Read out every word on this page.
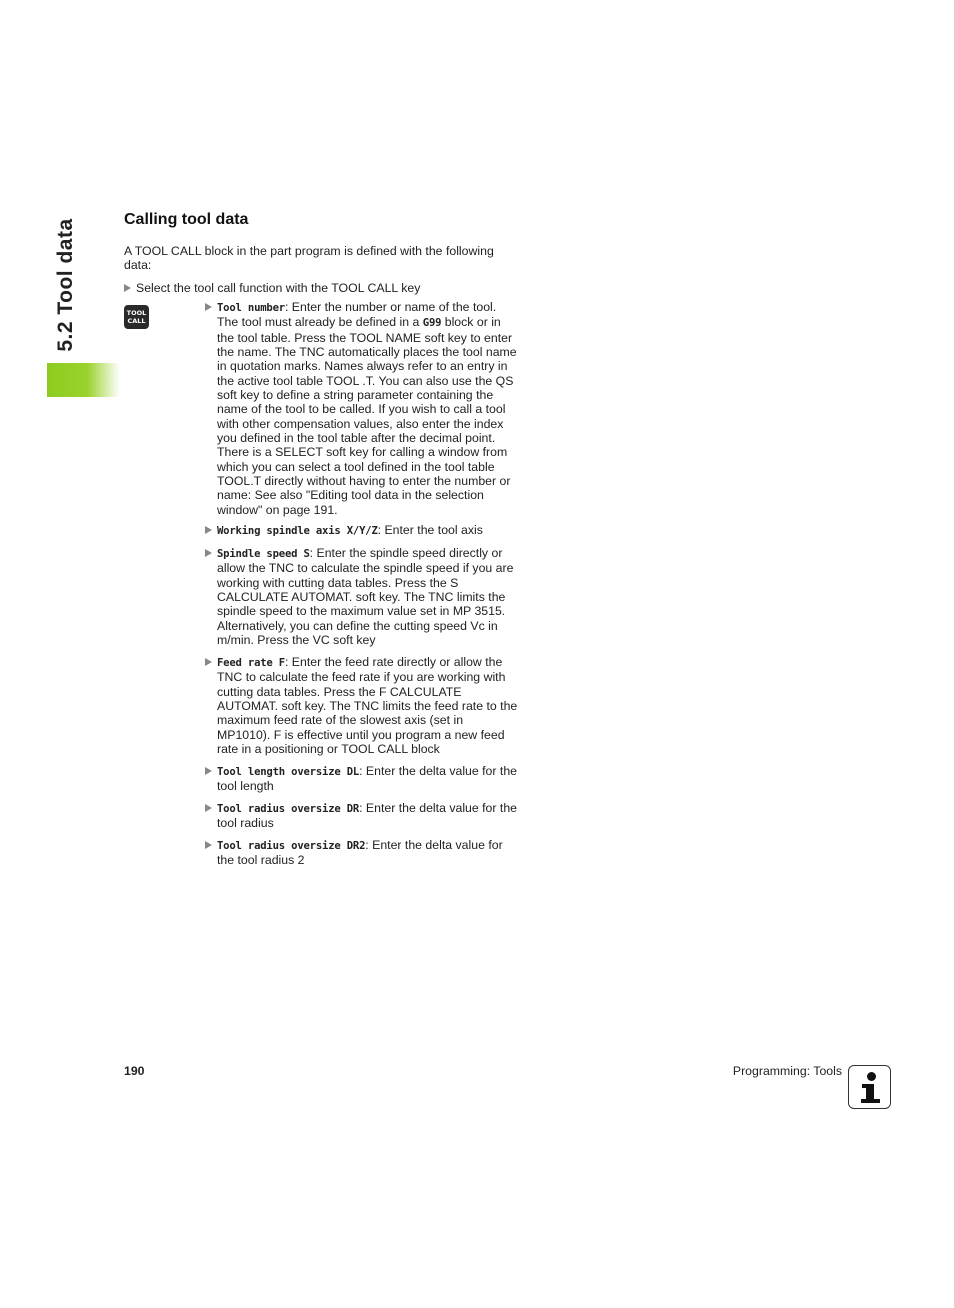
5.2 Tool data	Calling tool data
A TOOL CALL block in the part program is defined with the following data:
Select the tool call function with the TOOL CALL key
TOOL
CALL
Tool number: Enter the number or name of the tool. The tool must already be defined in a G99 block or in the tool table. Press the TOOL NAME soft key to enter the name. The TNC automatically places the tool name in quotation marks. Names always refer to an entry in the active tool table TOOL .T. You can also use the QS soft key to define a string parameter containing the name of the tool to be called. If you wish to call a tool with other compensation values, also enter the index you defined in the tool table after the decimal point. There is a SELECT soft key for calling a window from which you can select a tool defined in the tool table TOOL.T directly without having to enter the number or name: See also "Editing tool data in the selection window" on page 191.
Working spindle axis X/Y/Z: Enter the tool axis
Spindle speed S: Enter the spindle speed directly or allow the TNC to calculate the spindle speed if you are working with cutting data tables. Press the S CALCULATE AUTOMAT. soft key. The TNC limits the spindle speed to the maximum value set in MP 3515. Alternatively, you can define the cutting speed Vc in m/min. Press the VC soft key
Feed rate F: Enter the feed rate directly or allow the TNC to calculate the feed rate if you are working with cutting data tables. Press the F CALCULATE AUTOMAT. soft key. The TNC limits the feed rate to the maximum feed rate of the slowest axis (set in MP1010). F is effective until you program a new feed rate in a positioning or TOOL CALL block
Tool length oversize DL: Enter the delta value for the tool length
Tool radius oversize DR: Enter the delta value for the tool radius
Tool radius oversize DR2: Enter the delta value for the tool radius 2
190	Programming: Tools
